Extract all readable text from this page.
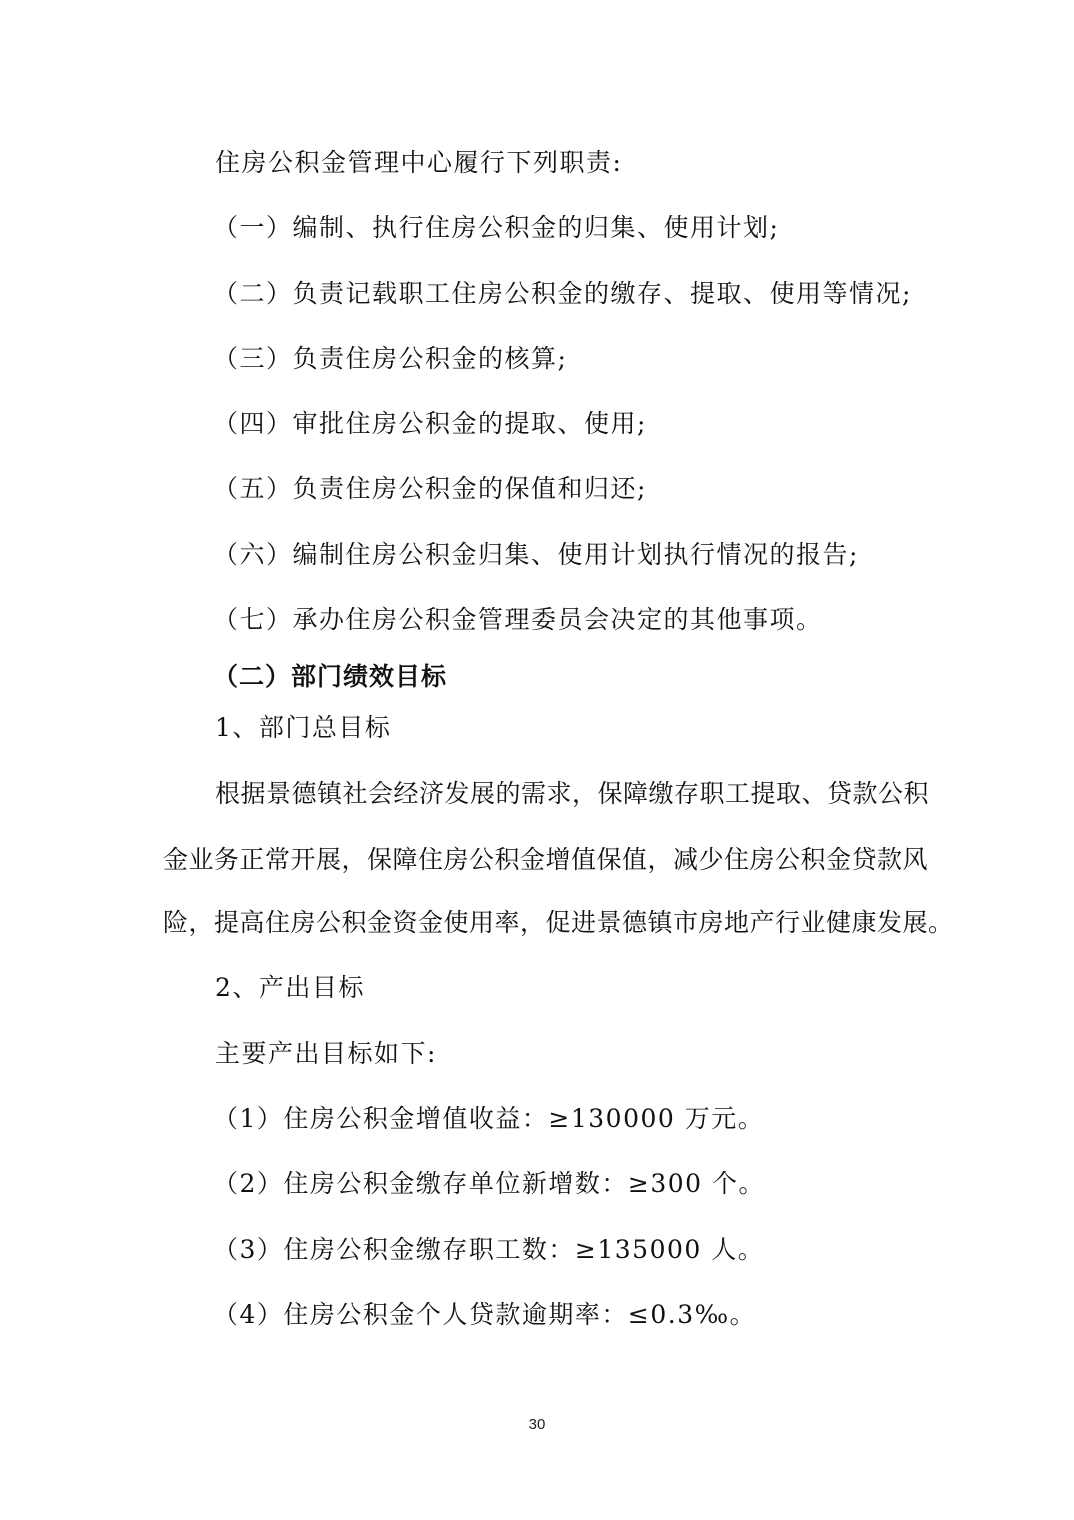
住房公积金管理中心履行下列职责:

（一）编制、执行住房公积金的归集、使用计划;

（二）负责记载职工住房公积金的缴存、提取、使用等情况;

（三）负责住房公积金的核算;

（四）审批住房公积金的提取、使用;

（五）负责住房公积金的保值和归还;

（六）编制住房公积金归集、使用计划执行情况的报告;

（七）承办住房公积金管理委员会决定的其他事项。

（二）部门绩效目标

1、部门总目标

根据景德镇社会经济发展的需求，保障缴存职工提取、贷款公积

金业务正常开展，保障住房公积金增值保值，减少住房公积金贷款风

险，提高住房公积金资金使用率，促进景德镇市房地产行业健康发展。

2、产出目标

主要产出目标如下:

（1）住房公积金增值收益：≥130000 万元。

（2）住房公积金缴存单位新增数：≥300 个。

（3）住房公积金缴存职工数：≥135000 人。

（4）住房公积金个人贷款逾期率：≤0.3‰。

30
